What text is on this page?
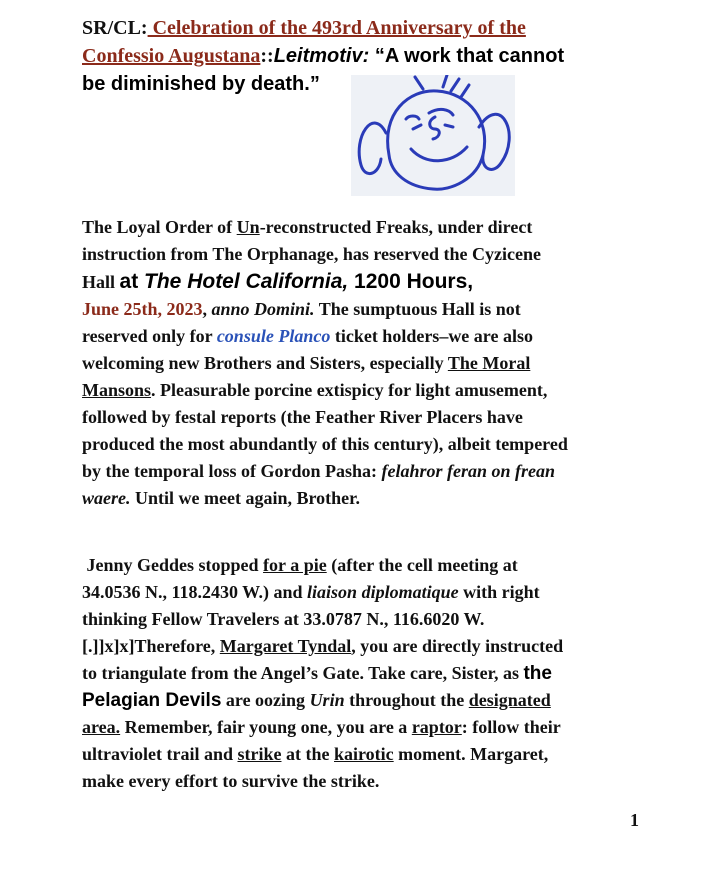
SR/CL: Celebration of the 493rd Anniversary of the
Confessio Augustana::Leitmotiv: “A work that cannot
be diminished by death.”
The Loyal Order of Un-reconstructed Freaks, under direct
instruction from The Orphanage, has reserved the Cyzicene
Hall at The Hotel California, 1200 Hours,
June 25th, 2023, anno Domini. The sumptuous Hall is not
reserved only for consule Planco ticket holders–we are also
welcoming new Brothers and Sisters, especially The Moral
Mansons. Pleasurable porcine extispicy for light amusement,
followed by festal reports (the Feather River Placers have
produced the most abundantly of this century), albeit tempered
by the temporal loss of Gordon Pasha: felahror feran on frean
waere. Until we meet again, Brother.
Jenny Geddes stopped for a pie (after the cell meeting at
34.0536 N., 118.2430 W.) and liaison diplomatique with right
thinking Fellow Travelers at 33.0787 N., 116.6020 W.
[.]]x]x]Therefore, Margaret Tyndal, you are directly instructed
to triangulate from the Angel’s Gate. Take care, Sister, as the
Pelagian Devils are oozing Urin throughout the designated
area. Remember, fair young one, you are a raptor: follow their
ultraviolet trail and strike at the kairotic moment. Margaret,
make every effort to survive the strike.
1
